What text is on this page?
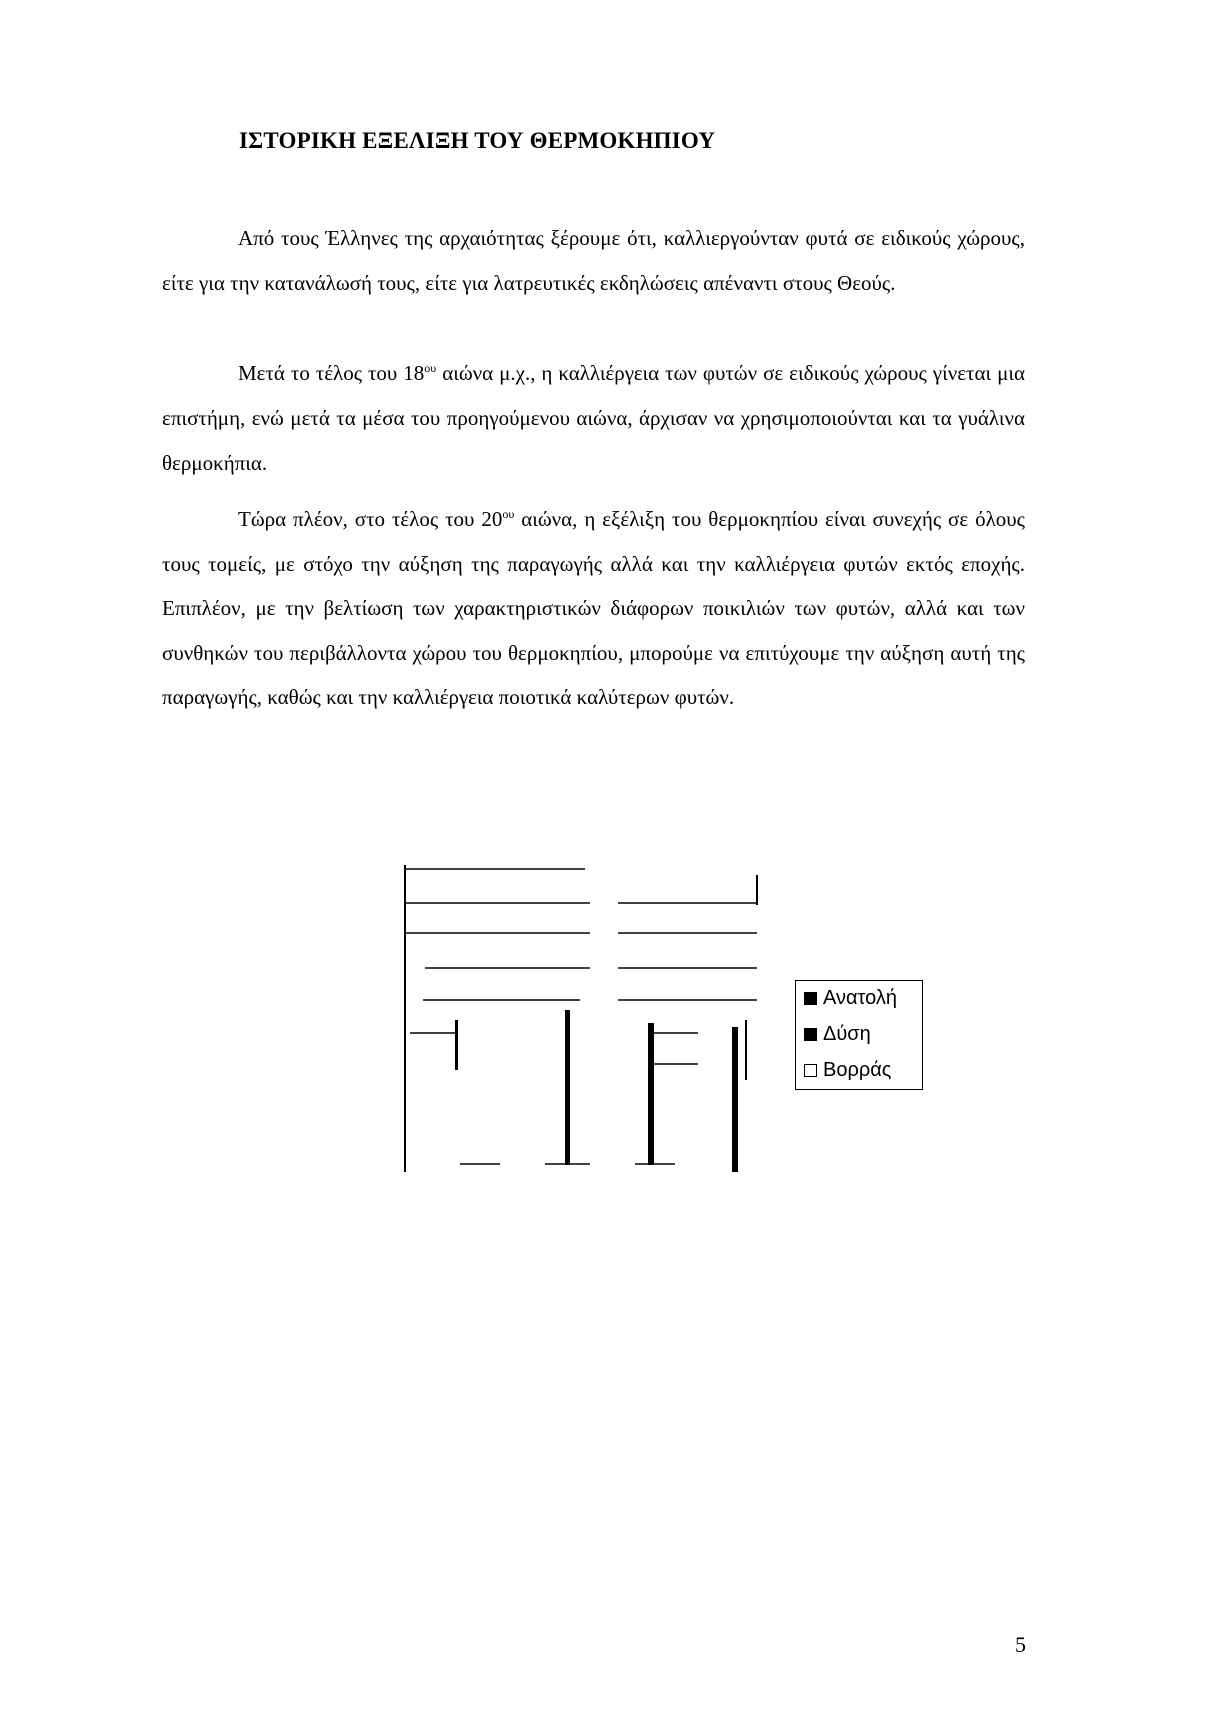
ΙΣΤΟΡΙΚΗ ΕΞΕΛΙΞΗ ΤΟΥ ΘΕΡΜΟΚΗΠΙΟΥ

Από τους Έλληνες της αρχαιότητας ξέρουμε ότι, καλλιεργούνταν φυτά σε ειδικούς χώρους, είτε για την κατανάλωσή τους, είτε για λατρευτικές εκδηλώσεις απέναντι στους Θεούς.

Μετά το τέλος του $18^{o\upsilon}$ αιώνα μ.χ., η καλλιέργεια των φυτών σε ειδικούς χώρους γίνεται μια επιστήμη, ενώ μετά τα μέσα του προηγούμενου αιώνα, άρχισαν να χρησιμοποιούνται και τα γυάλινα θερμοκήπια.

Τώρα πλέον, στο τέλος του $20^{o\upsilon}$ αιώνα, η εξέλιξη του θερμοκηπίου είναι συνεχής σε όλους τους τομείς, με στόχο την αύξηση της παραγωγής αλλά και την καλλιέργεια φυτών εκτός εποχής. Επιπλέον, με την βελτίωση των χαρακτηριστικών διάφορων ποικιλιών των φυτών, αλλά και των συνθηκών του περιβάλλοντα χώρου του θερμοκηπίου, μπορούμε να επιτύχουμε την αύξηση αυτή της παραγωγής, καθώς και την καλλιέργεια ποιοτικά καλύτερων φυτών.

Ανατολή
Δύση
Βορράς

5
